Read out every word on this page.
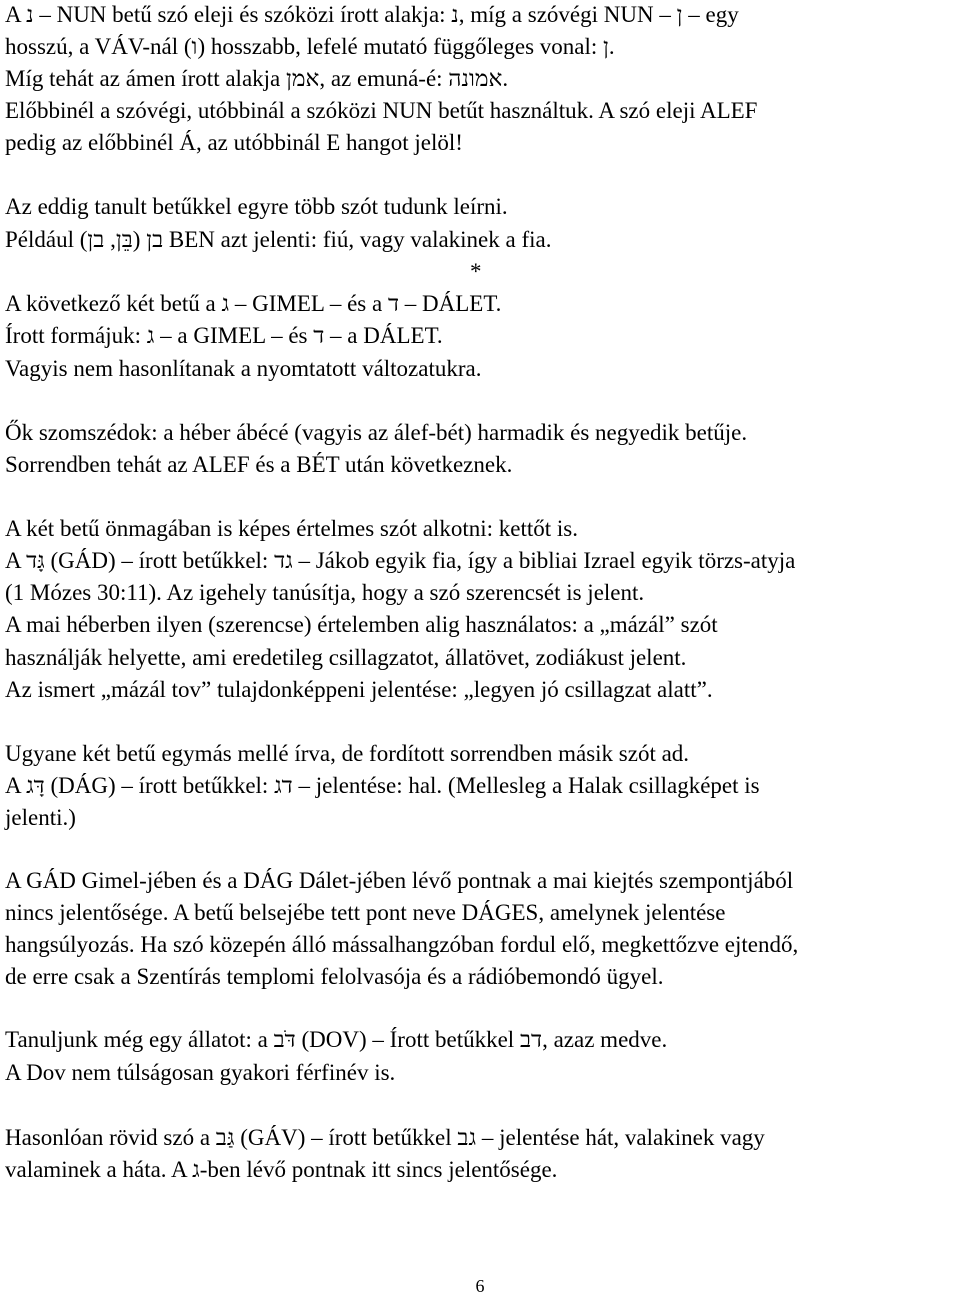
A נ – NUN betű szó eleji és szóközi írott alakja: נ, míg a szóvégi NUN – ן – egy
hosszú, a VÁV-nál (ו) hosszabb, lefelé mutató függőleges vonal: ן.
Míg tehát az ámen írott alakja אמן, az emuná-é: אמונה.
Előbbinél a szóvégi, utóbbinál a szóközi NUN betűt használtuk. A szó eleji ALEF
pedig az előbbinél Á, az utóbbinál E hangot jelöl!
Az eddig tanult betűkkel egyre több szót tudunk leírni.
Például בן (בֵּן, בן) BEN azt jelenti: fiú, vagy valakinek a fia.
*
A következő két betű a ג – GIMEL – és a ד – DÁLET.
Írott formájuk: ג – a GIMEL – és ד – a DÁLET.
Vagyis nem hasonlítanak a nyomtatott változatukra.
Ők szomszédok: a héber ábécé (vagyis az álef-bét) harmadik és negyedik betűje.
Sorrendben tehát az ALEF és a BÉT után következnek.
A két betű önmagában is képes értelmes szót alkotni: kettőt is.
A גָּד (GÁD) – írott betűkkel: גד – Jákob egyik fia, így a bibliai Izrael egyik törzs-atyja
(1 Mózes 30:11). Az igehely tanúsítja, hogy a szó szerencsét is jelent.
A mai héberben ilyen (szerencse) értelemben alig használatos: a „mázál” szót
használják helyette, ami eredetileg csillagzatot, állatövet, zodiákust jelent.
Az ismert „mázál tov” tulajdonképpeni jelentése: „legyen jó csillagzat alatt”.
Ugyane két betű egymás mellé írva, de fordított sorrendben másik szót ad.
A דָּג (DÁG) – írott betűkkel: דג – jelentése: hal. (Mellesleg a Halak csillagképet is
jelenti.)
A GÁD Gimel-jében és a DÁG Dálet-jében lévő pontnak a mai kiejtés szempontjából
nincs jelentősége. A betű belsejébe tett pont neve DÁGES, amelynek jelentése
hangsúlyozás. Ha szó közepén álló mássalhangzóban fordul elő, megkettőzve ejtendő,
de erre csak a Szentírás templomi felolvasója és a rádióbemondó ügyel.
Tanuljunk még egy állatot: a דֹּב (DOV) – Írott betűkkel דב, azaz medve.
A Dov nem túlságosan gyakori férfinév is.
Hasonlóan rövid szó a גַּב (GÁV) – írott betűkkel גב – jelentése hát, valakinek vagy
valaminek a háta. A ג-ben lévő pontnak itt sincs jelentősége.
6
